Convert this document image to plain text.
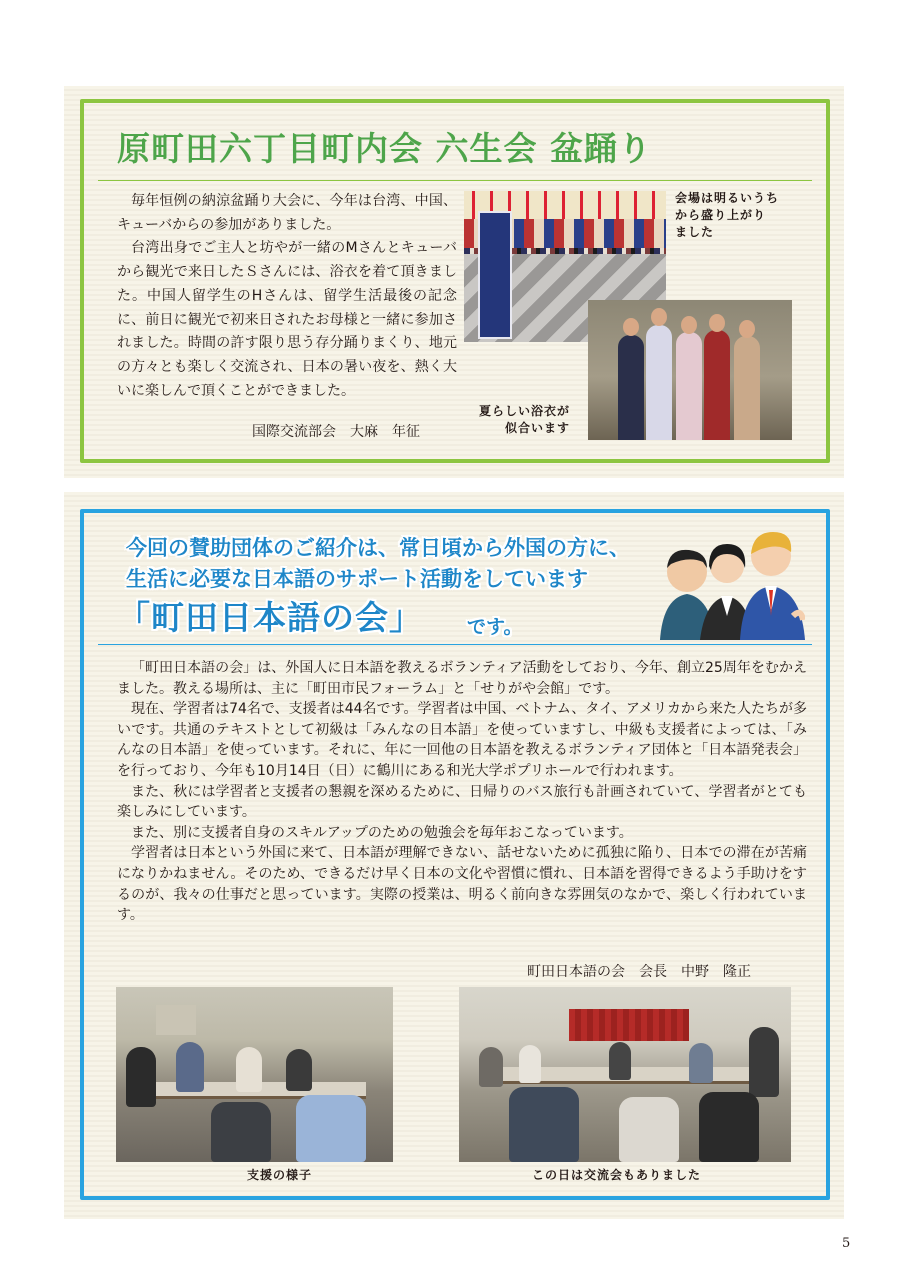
原町田六丁目町内会 六生会 盆踊り

毎年恒例の納涼盆踊り大会に、今年は台湾、中国、キューバからの参加がありました。

台湾出身でご主人と坊やが一緒のMさんとキューバから観光で来日したＳさんには、浴衣を着て頂きました。中国人留学生のHさんは、留学生活最後の記念に、前日に観光で初来日されたお母様と一緒に参加されました。時間の許す限り思う存分踊りまくり、地元の方々とも楽しく交流され、日本の暑い夜を、熱く大いに楽しんで頂くことができました。

国際交流部会　大麻　年征
会場は明るいうち
から盛り上がり
ました
夏らしい浴衣が
似合います
今回の賛助団体のご紹介は、常日頃から外国の方に、
生活に必要な日本語のサポート活動をしています
「町田日本語の会」 です。

「町田日本語の会」は、外国人に日本語を教えるボランティア活動をしており、今年、創立25周年をむかえました。教える場所は、主に「町田市民フォーラム」と「せりがや会館」です。

現在、学習者は74名で、支援者は44名です。学習者は中国、ベトナム、タイ、アメリカから来た人たちが多いです。共通のテキストとして初級は「みんなの日本語」を使っていますし、中級も支援者によっては、「みんなの日本語」を使っています。それに、年に一回他の日本語を教えるボランティア団体と「日本語発表会」を行っており、今年も10月14日（日）に鶴川にある和光大学ポプリホールで行われます。

また、秋には学習者と支援者の懇親を深めるために、日帰りのバス旅行も計画されていて、学習者がとても楽しみにしています。

また、別に支援者自身のスキルアップのための勉強会を毎年おこなっています。

学習者は日本という外国に来て、日本語が理解できない、話せないために孤独に陥り、日本での滞在が苦痛になりかねません。そのため、できるだけ早く日本の文化や習慣に慣れ、日本語を習得できるよう手助けをするのが、我々の仕事だと思っています。実際の授業は、明るく前向きな雰囲気のなかで、楽しく行われています。

町田日本語の会　会長　中野　隆正
支援の様子	この日は交流会もありました
5
